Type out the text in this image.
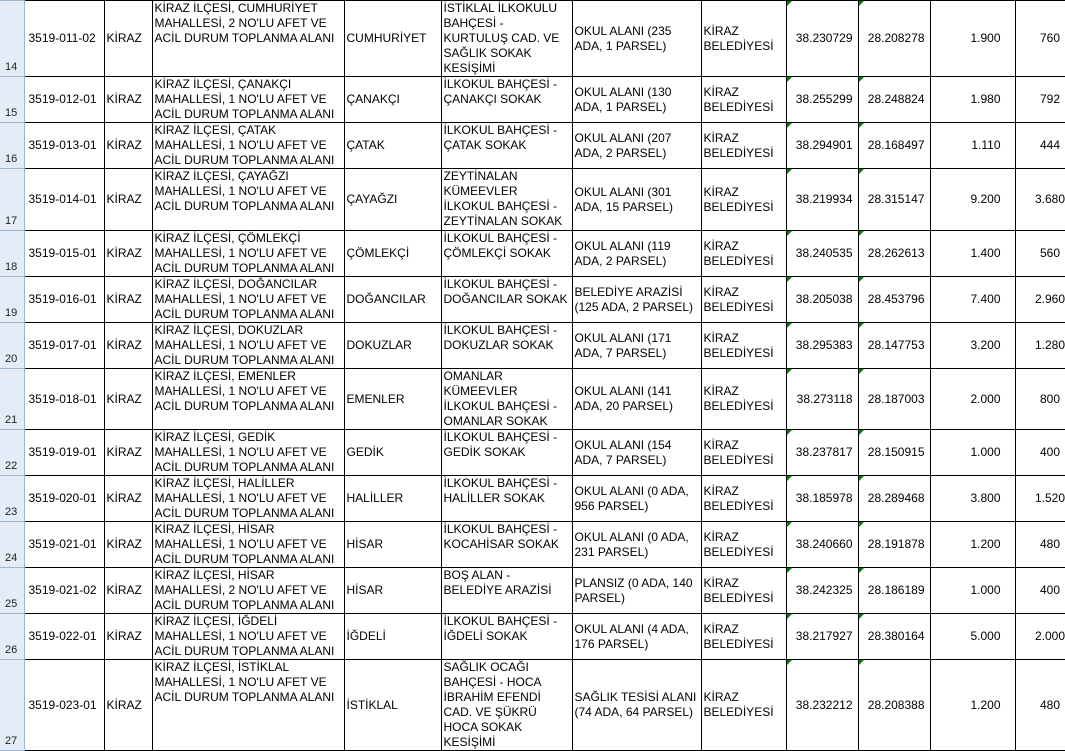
14	3519-011-02	KİRAZ	KİRAZ İLÇESİ, CUMHURİYET MAHALLESİ, 2 NO'LU AFET VE ACİL DURUM TOPLANMA ALANI	CUMHURİYET	İSTİKLAL İLKOKULU BAHÇESİ - KURTULUŞ CAD. VE SAĞLIK SOKAK KESİŞİMİ	OKUL ALANI (235 ADA, 1 PARSEL)	KİRAZ BELEDİYESİ	38.230729	28.208278	1.900	760
15	3519-012-01	KİRAZ	KİRAZ İLÇESİ, ÇANAKÇI MAHALLESİ, 1 NO'LU AFET VE ACİL DURUM TOPLANMA ALANI	ÇANAKÇI	İLKOKUL BAHÇESİ - ÇANAKÇI SOKAK	OKUL ALANI (130 ADA, 1 PARSEL)	KİRAZ BELEDİYESİ	38.255299	28.248824	1.980	792
16	3519-013-01	KİRAZ	KİRAZ İLÇESİ, ÇATAK MAHALLESİ, 1 NO'LU AFET VE ACİL DURUM TOPLANMA ALANI	ÇATAK	İLKOKUL BAHÇESİ - ÇATAK SOKAK	OKUL ALANI (207 ADA, 2 PARSEL)	KİRAZ BELEDİYESİ	38.294901	28.168497	1.110	444
17	3519-014-01	KİRAZ	KİRAZ İLÇESİ, ÇAYAĞZI MAHALLESİ, 1 NO'LU AFET VE ACİL DURUM TOPLANMA ALANI	ÇAYAĞZI	ZEYTİNALAN KÜMEEVLER İLKOKUL BAHÇESİ - ZEYTİNALAN SOKAK	OKUL ALANI (301 ADA, 15 PARSEL)	KİRAZ BELEDİYESİ	38.219934	28.315147	9.200	3.680
18	3519-015-01	KİRAZ	KİRAZ İLÇESİ, ÇÖMLEKÇİ MAHALLESİ, 1 NO'LU AFET VE ACİL DURUM TOPLANMA ALANI	ÇÖMLEKÇİ	İLKOKUL BAHÇESİ - ÇÖMLEKÇİ SOKAK	OKUL ALANI (119 ADA, 2 PARSEL)	KİRAZ BELEDİYESİ	38.240535	28.262613	1.400	560
19	3519-016-01	KİRAZ	KİRAZ İLÇESİ, DOĞANCILAR MAHALLESİ, 1 NO'LU AFET VE ACİL DURUM TOPLANMA ALANI	DOĞANCILAR	İLKOKUL BAHÇESİ - DOĞANCILAR SOKAK	BELEDİYE ARAZİSİ (125 ADA, 2 PARSEL)	KİRAZ BELEDİYESİ	38.205038	28.453796	7.400	2.960
20	3519-017-01	KİRAZ	KİRAZ İLÇESİ, DOKUZLAR MAHALLESİ, 1 NO'LU AFET VE ACİL DURUM TOPLANMA ALANI	DOKUZLAR	İLKOKUL BAHÇESİ - DOKUZLAR SOKAK	OKUL ALANI (171 ADA, 7 PARSEL)	KİRAZ BELEDİYESİ	38.295383	28.147753	3.200	1.280
21	3519-018-01	KİRAZ	KİRAZ İLÇESİ, EMENLER MAHALLESİ, 1 NO'LU AFET VE ACİL DURUM TOPLANMA ALANI	EMENLER	OMANLAR KÜMEEVLER İLKOKUL BAHÇESİ - OMANLAR SOKAK	OKUL ALANI (141 ADA, 20 PARSEL)	KİRAZ BELEDİYESİ	38.273118	28.187003	2.000	800
22	3519-019-01	KİRAZ	KİRAZ İLÇESİ, GEDİK MAHALLESİ, 1 NO'LU AFET VE ACİL DURUM TOPLANMA ALANI	GEDİK	İLKOKUL BAHÇESİ - GEDİK SOKAK	OKUL ALANI (154 ADA, 7 PARSEL)	KİRAZ BELEDİYESİ	38.237817	28.150915	1.000	400
23	3519-020-01	KİRAZ	KİRAZ İLÇESİ, HALİLLER MAHALLESİ, 1 NO'LU AFET VE ACİL DURUM TOPLANMA ALANI	HALİLLER	İLKOKUL BAHÇESİ - HALİLLER SOKAK	OKUL ALANI (0 ADA, 956 PARSEL)	KİRAZ BELEDİYESİ	38.185978	28.289468	3.800	1.520
24	3519-021-01	KİRAZ	KİRAZ İLÇESİ, HİSAR MAHALLESİ, 1 NO'LU AFET VE ACİL DURUM TOPLANMA ALANI	HİSAR	İLKOKUL BAHÇESİ - KOCAHİSAR SOKAK	OKUL ALANI (0 ADA, 231 PARSEL)	KİRAZ BELEDİYESİ	38.240660	28.191878	1.200	480
25	3519-021-02	KİRAZ	KİRAZ İLÇESİ, HİSAR MAHALLESİ, 2 NO'LU AFET VE ACİL DURUM TOPLANMA ALANI	HİSAR	BOŞ ALAN - BELEDİYE ARAZİSİ	PLANSIZ (0 ADA, 140 PARSEL)	KİRAZ BELEDİYESİ	38.242325	28.186189	1.000	400
26	3519-022-01	KİRAZ	KİRAZ İLÇESİ, İĞDELİ MAHALLESİ, 1 NO'LU AFET VE ACİL DURUM TOPLANMA ALANI	İĞDELİ	İLKOKUL BAHÇESİ - İĞDELİ SOKAK	OKUL ALANI (4 ADA, 176 PARSEL)	KİRAZ BELEDİYESİ	38.217927	28.380164	5.000	2.000
27	3519-023-01	KİRAZ	KİRAZ İLÇESİ, İSTİKLAL MAHALLESİ, 1 NO'LU AFET VE ACİL DURUM TOPLANMA ALANI	İSTİKLAL	SAĞLIK OCAĞI BAHÇESİ - HOCA İBRAHİM EFENDİ CAD. VE ŞÜKRÜ HOCA SOKAK KESİŞİMİ	SAĞLIK TESİSİ ALANI (74 ADA, 64 PARSEL)	KİRAZ BELEDİYESİ	38.232212	28.208388	1.200	480
